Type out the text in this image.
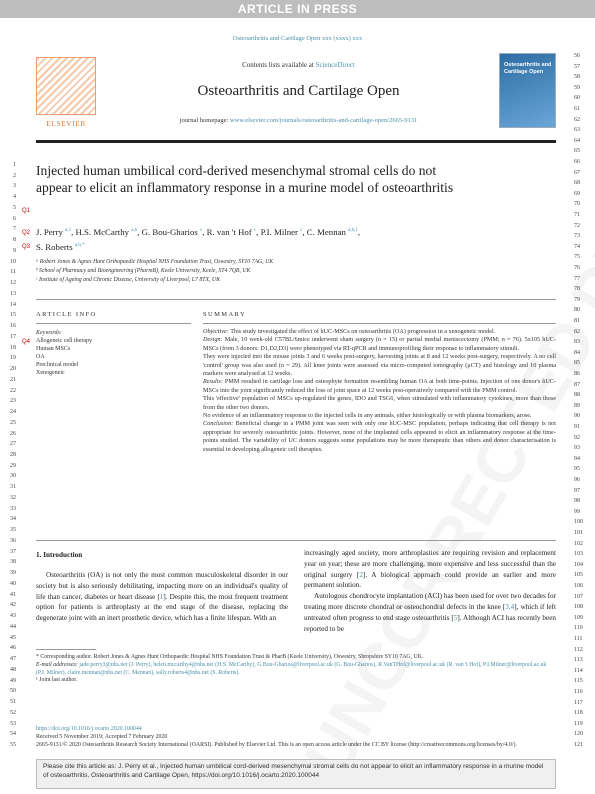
ARTICLE IN PRESS
Osteoarthritis and Cartilage Open xxx (xxxx) xxx
ELSEVIER
Contents lists available at ScienceDirect
Osteoarthritis and Cartilage Open
journal homepage: www.elsevier.com/journals/osteoarthritis-and-cartilage-open/2665-9131
Osteoarthritis and Cartilage Open
1
2
3
4
5
6
7
8
9
10
11
12
13
14
15
16
17
18
19
20
21
22
23
24
25
26
27
28
29
30
31
32
33
34
35
36
37
38
39
40
41
42
43
44
45
46
47
48
49
50
51
52
53
54
55
56
57
58
59
60
61
62
63
64
65
66
67
68
69
70
71
72
73
74
75
76
77
78
79
80
81
82
83
84
85
86
87
88
89
90
91
92
93
94
95
96
97
98
99
100
101
102
103
104
105
106
107
108
109
110
111
112
113
114
115
116
117
118
119
120
121
Q1
Q2
Q3
Q4
Injected human umbilical cord-derived mesenchymal stromal cells do not appear to elicit an inflammatory response in a murine model of osteoarthritis
J. Perry $^{a,1}$, H.S. McCarthy $^{a,b}$, G. Bou-Gharios $^c$, R. van 't Hof $^c$, P.I. Milner $^c$, C. Mennan $^{a,b,1}$,
S. Roberts $^{a,b,*}$
ᵃ Robert Jones & Agnes Hunt Orthopaedic Hospital NHS Foundation Trust, Oswestry, SY10 7AG, UK
ᵇ School of Pharmacy and Bioengineering (PharmB), Keele University, Keele, ST4 7QB, UK
ᶜ Institute of Ageing and Chronic Disease, University of Liverpool, L7 8TX, UK
ARTICLE INFO	SUMMARY
Keywords:
Allogeneic cell therapy
Human MSCs
OA
Preclinical model
Xenogeneic

Objective: This study investigated the effect of hUC-MSCs on osteoarthritis (OA) progression in a xenogeneic model.

Design: Male, 10 week-old C57BL/6mice underwent sham surgery (n = 15) or partial medial meniscectomy (PMM; n = 76). 5x105 hUC-MSCs (from 3 donors: D1,D2,D3) were phenotyped via RT-qPCR and immunoprofiling their response to inflammatory stimuli.

They were injected into the mouse joints 3 and 6 weeks post-surgery, harvesting joints at 8 and 12 weeks post-surgery, respectively. A no cell 'control' group was also used (n = 29). All knee joints were assessed via micro-computed tomography (μCT) and histology and 10 plasma markers were analysed at 12 weeks.

Results: PMM resulted in cartilage loss and osteophyte formation resembling human OA at both time-points. Injection of one donor's hUC-MSCs into the joint significantly reduced the loss of joint space at 12 weeks post-operatively compared with the PMM control.

This 'effective' population of MSCs up-regulated the genes, IDO and TSG6, when stimulated with inflammatory cytokines, more than those from the other two donors.

No evidence of an inflammatory response to the injected cells in any animals, either histologically or with plasma biomarkers, arose.

Conclusion: Beneficial change in a PMM joint was seen with only one hUC-MSC population, perhaps indicating that cell therapy is not appropriate for severely osteoarthritic joints. However, none of the implanted cells appeared to elicit an inflammatory response at the time-points studied. The variability of UC donors suggests some populations may be more therapeutic than others and donor characterisation is essential in developing allogeneic cell therapies.

1. Introduction
Osteoarthritis (OA) is not only the most common musculoskeletal disorder in our society but is also seriously debilitating, impacting more on an individual's quality of life than cancer, diabetes or heart disease [1]. Despite this, the most frequent treatment option for patients is arthroplasty at the end stage of the disease, replacing the degenerate joint with an inert prosthetic device, which has a finite lifespan. With an
increasingly aged society, more arthroplasties are requiring revision and replacement year on year; these are more challenging, more expensive and less successful than the original surgery [2]. A biological approach could provide an earlier and more permanent solution.
Autologous chondrocyte implantation (ACI) has been used for over two decades for treating more discrete chondral or osteochondral defects in the knee [3,4], which if left untreated often progress to end stage osteoarthritis [5]. Although ACI has recently been reported to be
* Corresponding author. Robert Jones & Agnes Hunt Orthopaedic Hospital NHS Foundation Trust & PharB (Keele University), Oswestry, Shropshire SY10 7AG, UK.
E-mail addresses: jade.perry3@nhs.net (J. Perry), helen.mccarthy4@nhs.net (H.S. McCarthy), G.Bou-Gharios@liverpool.ac.uk (G. Bou-Gharios), R.VanTHof@liverpool.ac.uk (R. van 't Hof), P.I.Milner@liverpool.ac.uk (P.I. Milner), claire.mennan@nhs.net (C. Mennan), sally.roberts4@nhs.net (S. Roberts).
¹ Joint last author.
https://doi.org/10.1016/j.ocarto.2020.100044
Received 5 November 2019; Accepted 7 February 2020
2665-9131/© 2020 Osteoarthritis Research Society International (OARSI). Published by Elsevier Ltd. This is an open access article under the CC BY license (http://creativecommons.org/licenses/by/4.0/).
Please cite this article as: J. Perry et al., Injected human umbilical cord-derived mesenchymal stromal cells do not appear to elicit an inflammatory response in a murine model of osteoarthritis, Osteoarthritis and Cartilage Open, https://doi.org/10.1016/j.ocarto.2020.100044
